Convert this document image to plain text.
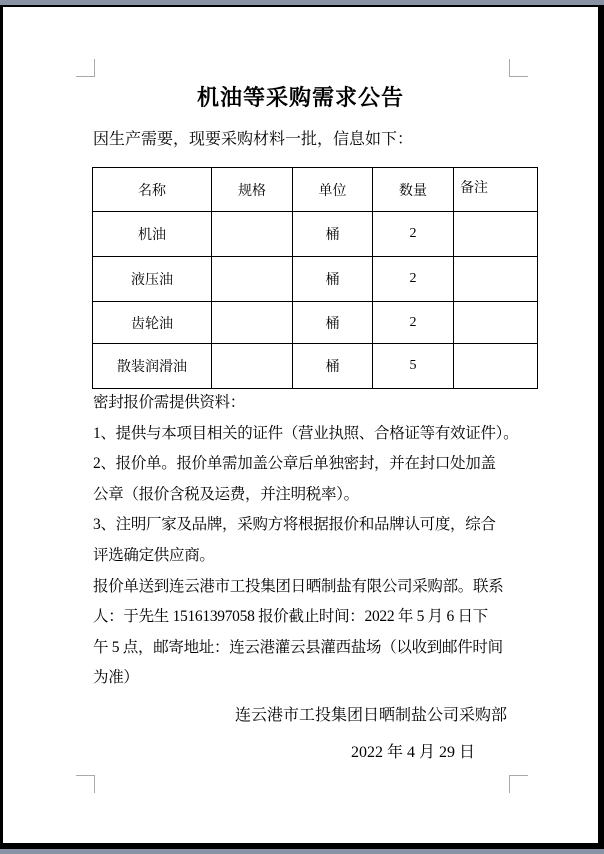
机油等采购需求公告

因生产需要，现要采购材料一批，信息如下：

名称	规格	单位	数量	备注
机油		桶	2	
液压油		桶	2	
齿轮油		桶	2	
散装润滑油		桶	5	
密封报价需提供资料：
1、提供与本项目相关的证件（营业执照、合格证等有效证件）。
2、报价单。报价单需加盖公章后单独密封，并在封口处加盖
公章（报价含税及运费，并注明税率）。
3、注明厂家及品牌，采购方将根据报价和品牌认可度，综合
评选确定供应商。
报价单送到连云港市工投集团日晒制盐有限公司采购部。联系
人：于先生 15161397058 报价截止时间：2022 年 5 月 6 日下
午 5 点，邮寄地址：连云港灌云县灌西盐场（以收到邮件时间
为准）
连云港市工投集团日晒制盐公司采购部
2022 年 4 月 29 日
